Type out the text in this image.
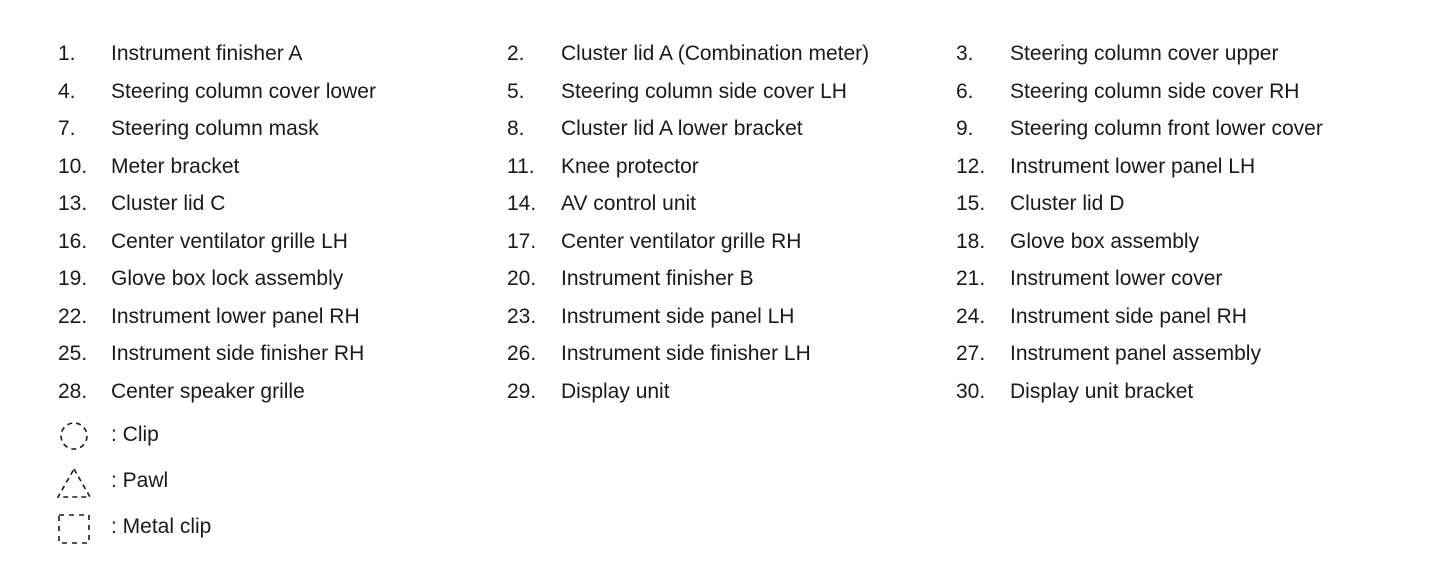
1. Instrument finisher A	2. Cluster lid A (Combination meter)	3. Steering column cover upper
4. Steering column cover lower	5. Steering column side cover LH	6. Steering column side cover RH
7. Steering column mask	8. Cluster lid A lower bracket	9. Steering column front lower cover
10. Meter bracket	11. Knee protector	12. Instrument lower panel LH
13. Cluster lid C	14. AV control unit	15. Cluster lid D
16. Center ventilator grille LH	17. Center ventilator grille RH	18. Glove box assembly
19. Glove box lock assembly	20. Instrument finisher B	21. Instrument lower cover
22. Instrument lower panel RH	23. Instrument side panel LH	24. Instrument side panel RH
25. Instrument side finisher RH	26. Instrument side finisher LH	27. Instrument panel assembly
28. Center speaker grille	29. Display unit	30. Display unit bracket
: Clip
: Pawl
: Metal clip
